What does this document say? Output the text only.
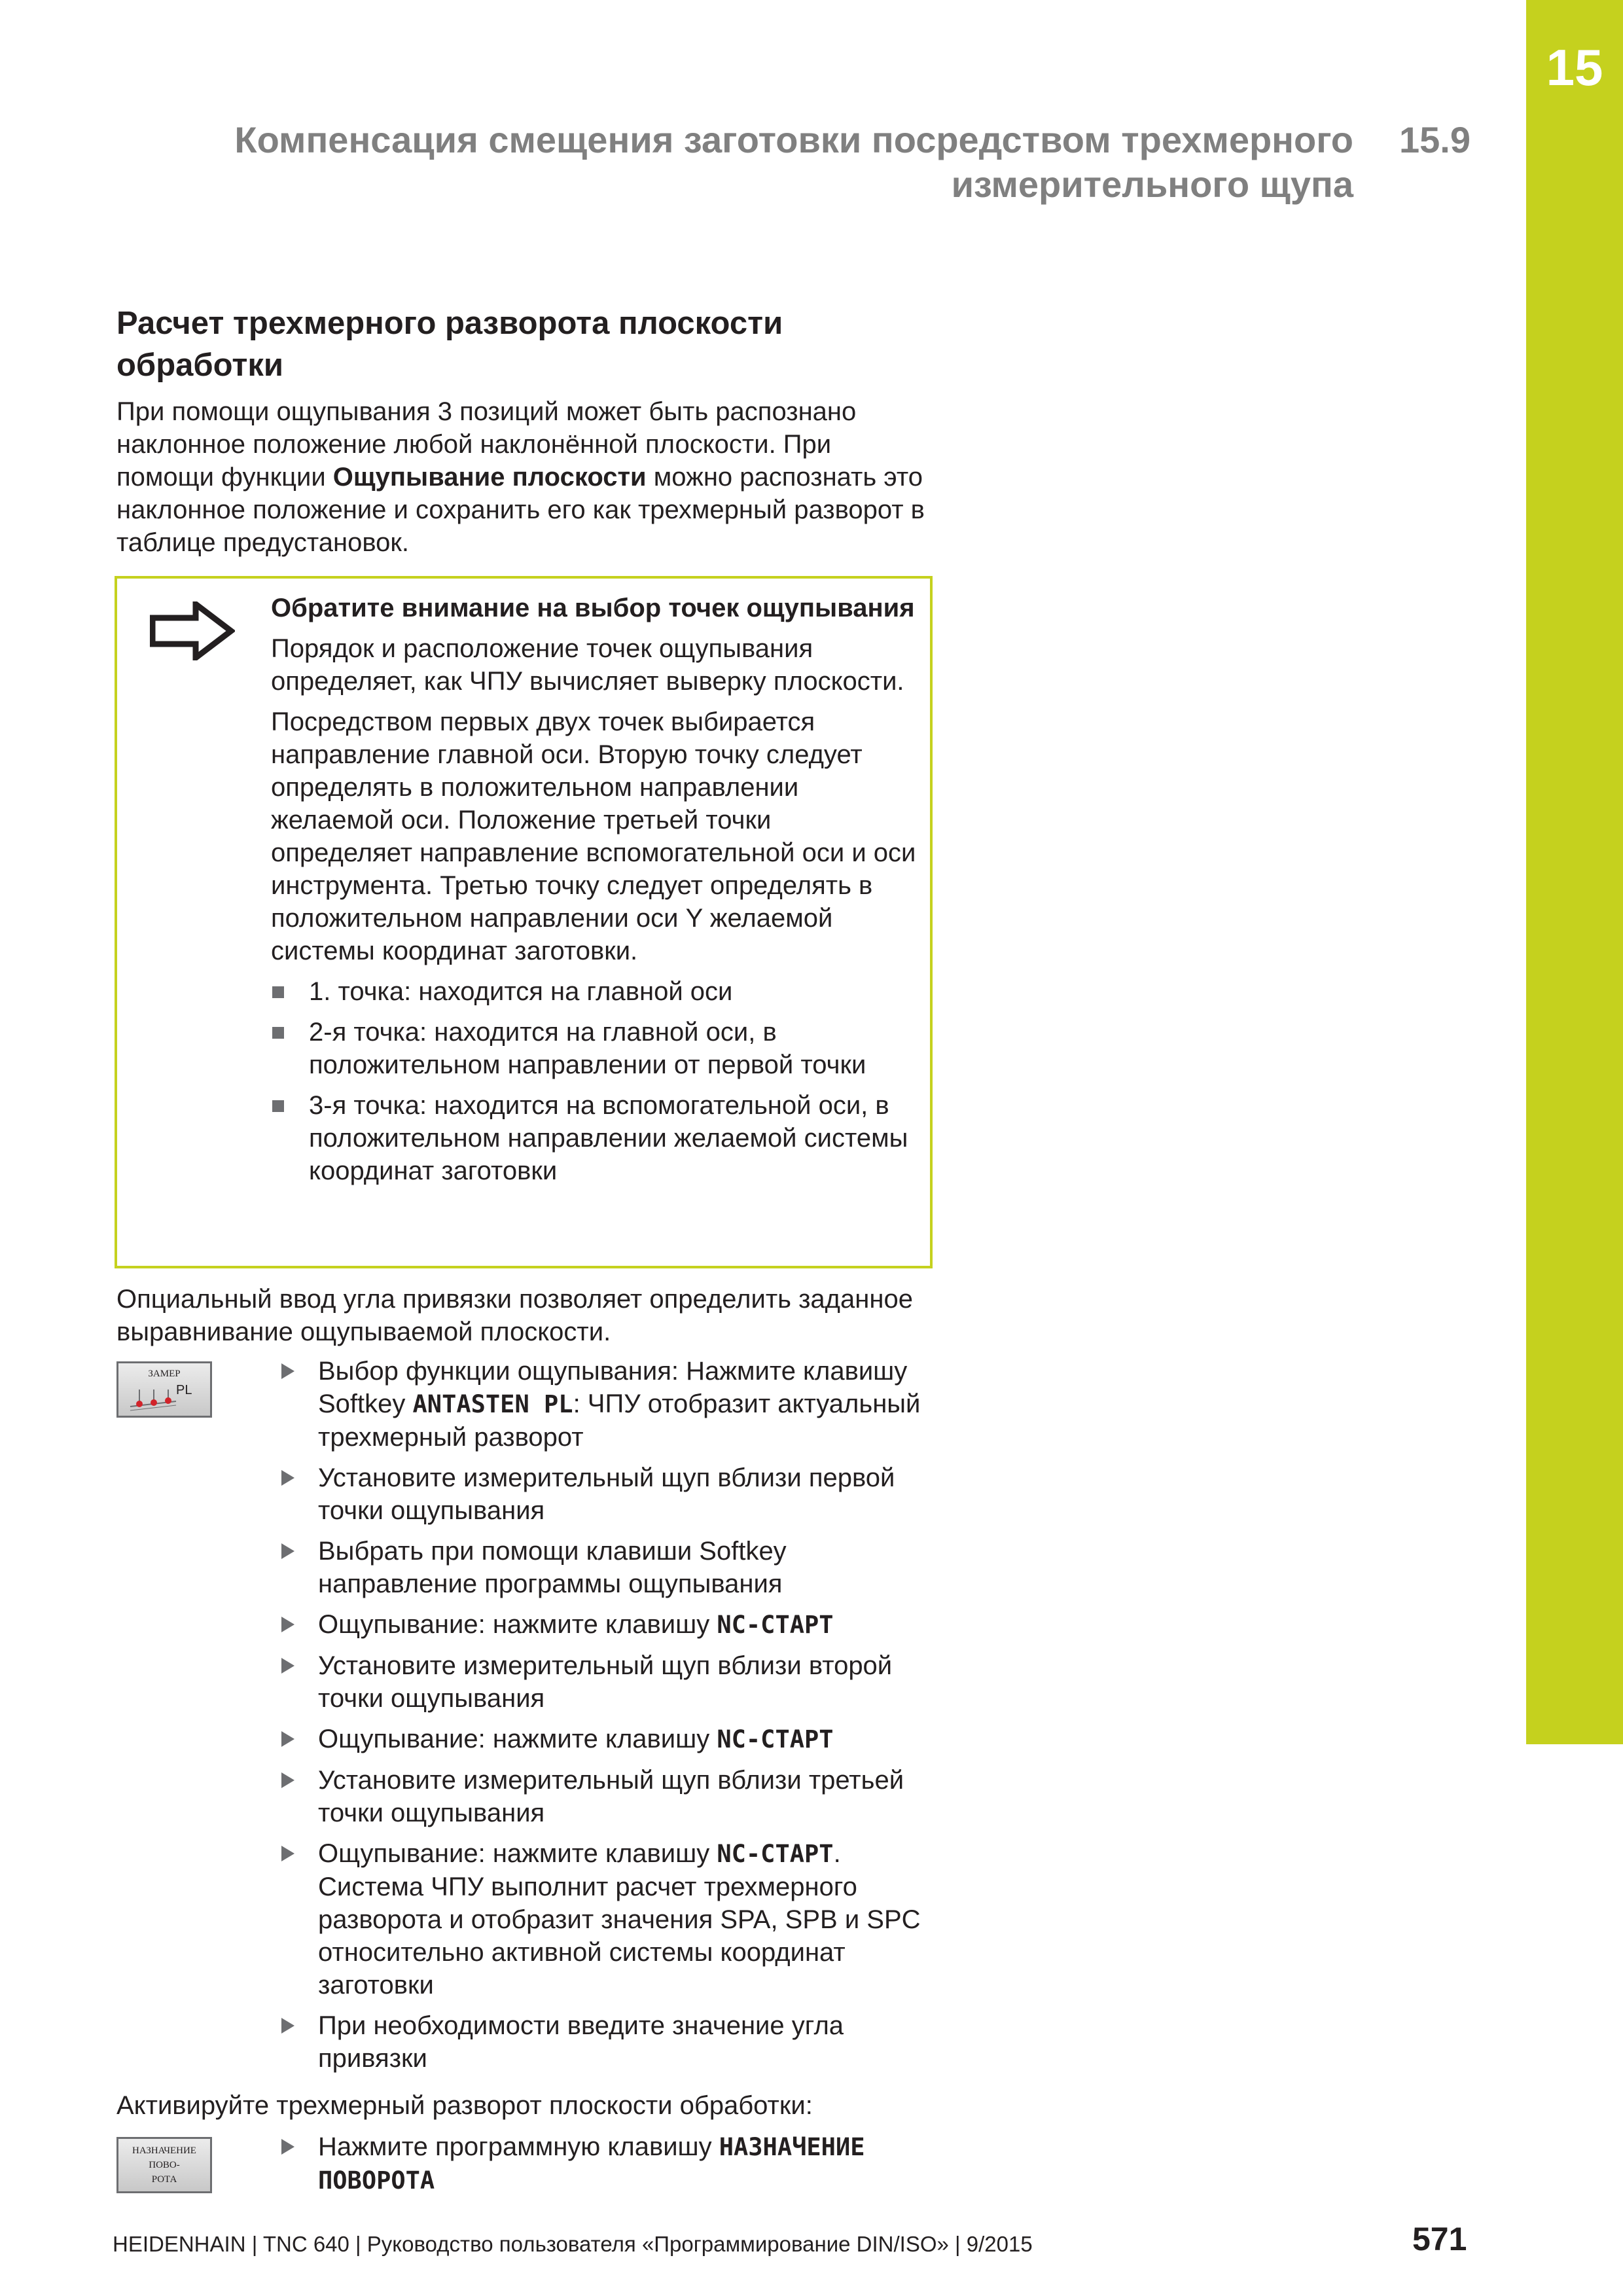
15
Компенсация смещения заготовки посредством трехмерного
измерительного щупа
15.9
Расчет трехмерного разворота плоскости
обработки
При помощи ощупывания 3 позиций может быть распознано наклонное положение любой наклонённой плоскости. При помощи функции Ощупывание плоскости можно распознать это наклонное положение и сохранить его как трехмерный разворот в таблице предустановок.
Обратите внимание на выбор точек ощупывания

Порядок и расположение точек ощупывания определяет, как ЧПУ вычисляет выверку плоскости.

Посредством первых двух точек выбирается направление главной оси. Вторую точку следует определять в положительном направлении желаемой оси. Положение третьей точки определяет направление вспомогательной оси и оси инструмента. Третью точку следует определять в положительном направлении оси Y желаемой системы координат заготовки.

1. точка: находится на главной оси
2-я точка: находится на главной оси, в положительном направлении от первой точки
3-я точка: находится на вспомогательной оси, в положительном направлении желаемой системы координат заготовки
Опциальный ввод угла привязки позволяет определить заданное выравнивание ощупываемой плоскости.
ЗАМЕР
PL
Выбор функции ощупывания: Нажмите клавишу Softkey ANTASTEN PL: ЧПУ отобразит актуальный трехмерный разворот
Установите измерительный щуп вблизи первой точки ощупывания
Выбрать при помощи клавиши Softkey направление программы ощупывания
Ощупывание: нажмите клавишу NC-СТАРТ
Установите измерительный щуп вблизи второй точки ощупывания
Ощупывание: нажмите клавишу NC-СТАРТ
Установите измерительный щуп вблизи третьей точки ощупывания
Ощупывание: нажмите клавишу NC-СТАРТ. Система ЧПУ выполнит расчет трехмерного разворота и отобразит значения SPA, SPB и SPC относительно активной системы координат заготовки
При необходимости введите значение угла привязки
Активируйте трехмерный разворот плоскости обработки:
НАЗНАЧЕНИЕ
ПОВО-
РОТА
Нажмите программную клавишу НАЗНАЧЕНИЕ ПОВОРОТА
HEIDENHAIN | TNC 640 | Руководство пользователя «Программирование DIN/ISO» | 9/2015	571
